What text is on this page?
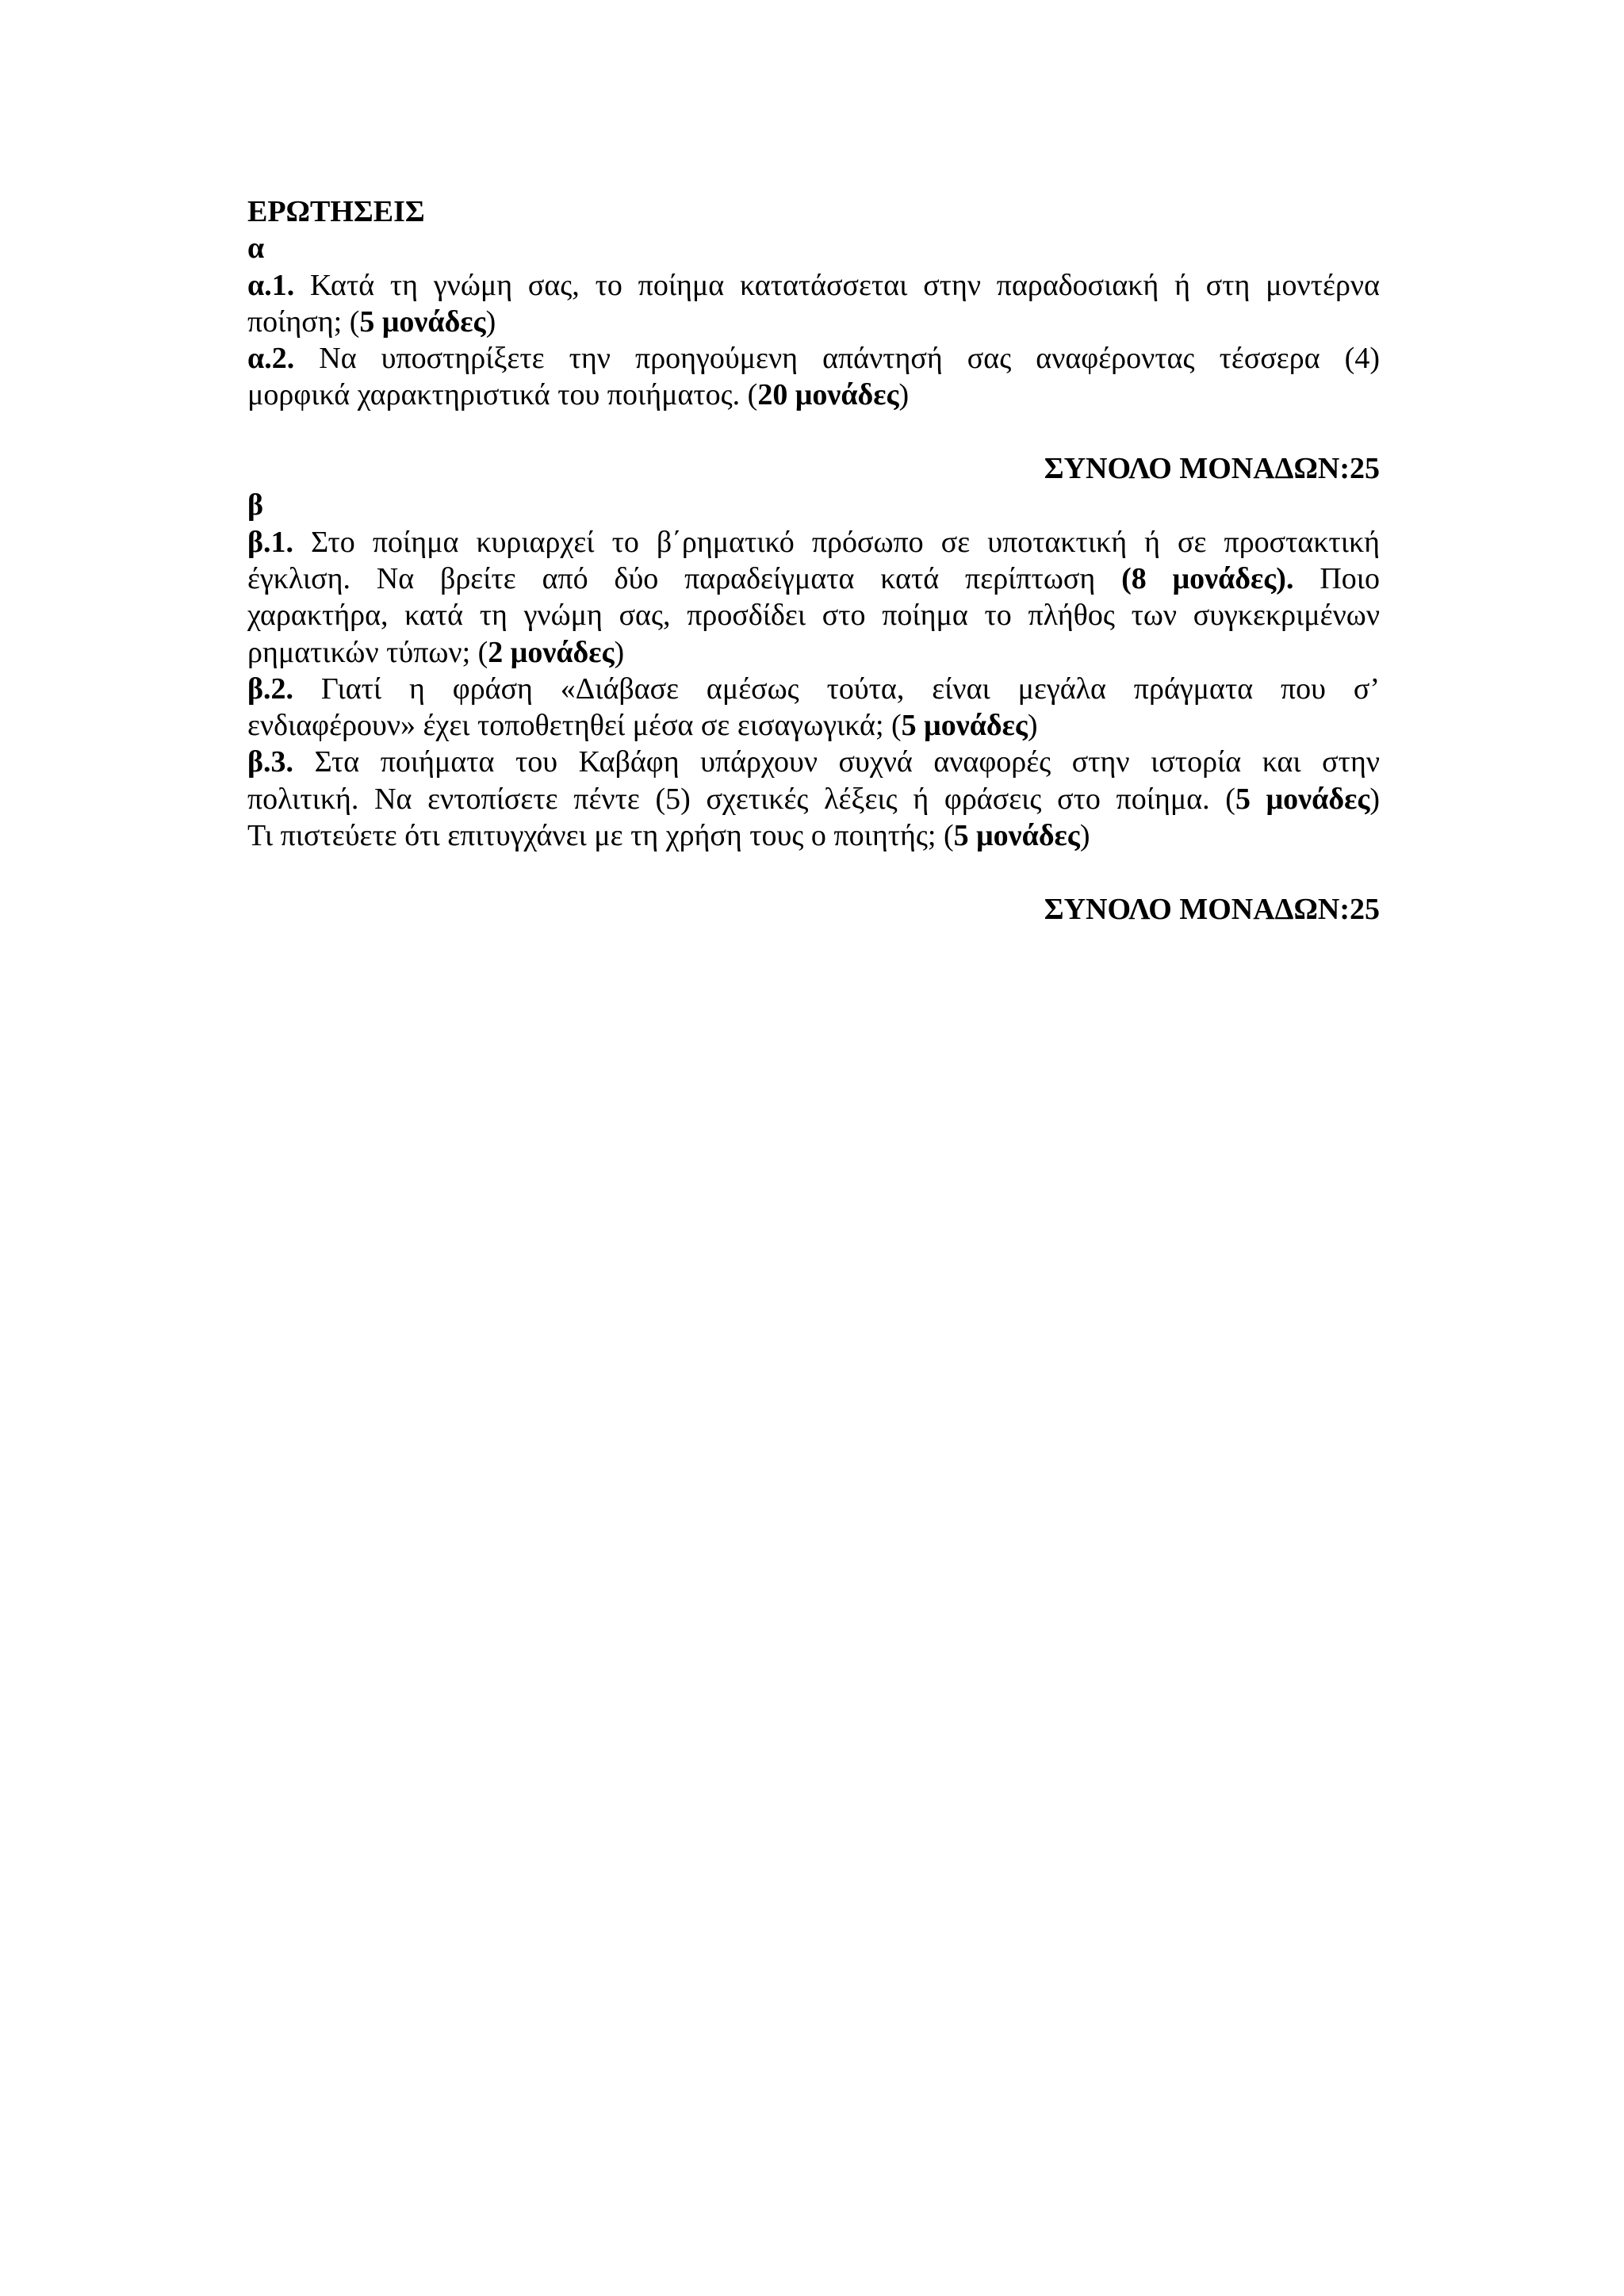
ΕΡΩΤΗΣΕΙΣ
α
α.1. Κατά τη γνώμη σας, το ποίημα κατατάσσεται στην παραδοσιακή ή στη μοντέρνα
ποίηση; (5 μονάδες)
α.2. Να υποστηρίξετε την προηγούμενη απάντησή σας αναφέροντας τέσσερα (4)
μορφικά χαρακτηριστικά του ποιήματος. (20 μονάδες)
ΣΥΝΟΛΟ ΜΟΝΑΔΩΝ:25
β
β.1. Στο ποίημα κυριαρχεί το β΄ρηματικό πρόσωπο σε υποτακτική ή σε προστακτική
έγκλιση. Να βρείτε από δύο παραδείγματα κατά περίπτωση (8 μονάδες). Ποιο
χαρακτήρα, κατά τη γνώμη σας, προσδίδει στο ποίημα το πλήθος των συγκεκριμένων
ρηματικών τύπων; (2 μονάδες)
β.2. Γιατί η φράση «Διάβασε αμέσως τούτα, είναι μεγάλα πράγματα που σ’
ενδιαφέρουν» έχει τοποθετηθεί μέσα σε εισαγωγικά; (5 μονάδες)
β.3. Στα ποιήματα του Καβάφη υπάρχουν συχνά αναφορές στην ιστορία και στην
πολιτική. Να εντοπίσετε πέντε (5) σχετικές λέξεις ή φράσεις στο ποίημα. (5 μονάδες)
Τι πιστεύετε ότι επιτυγχάνει με τη χρήση τους ο ποιητής; (5 μονάδες)
ΣΥΝΟΛΟ ΜΟΝΑΔΩΝ:25
